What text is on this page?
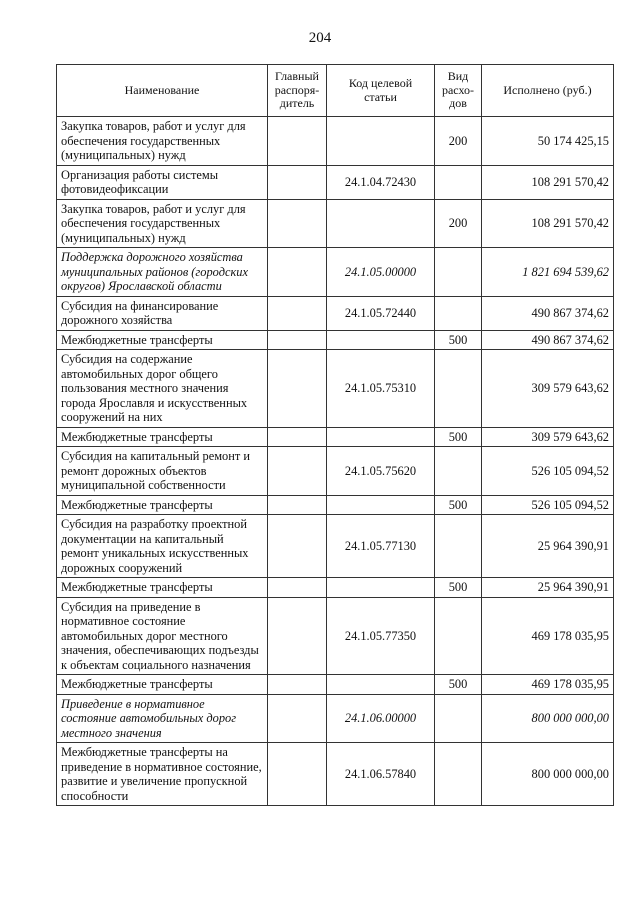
204
Наименование	Главный распоря-дитель	Код целевой статьи	Вид расхо-дов	Исполнено (руб.)
Закупка товаров, работ и услуг для обеспечения государственных (муниципальных) нужд			200	50 174 425,15
Организация работы системы фотовидеофиксации		24.1.04.72430		108 291 570,42
Закупка товаров, работ и услуг для обеспечения государственных (муниципальных) нужд			200	108 291 570,42
Поддержка дорожного хозяйства муниципальных районов (городских округов) Ярославской области		24.1.05.00000		1 821 694 539,62
Субсидия на финансирование дорожного хозяйства		24.1.05.72440		490 867 374,62
Межбюджетные трансферты			500	490 867 374,62
Субсидия на содержание автомобильных дорог общего пользования местного значения города Ярославля и искусственных сооружений на них		24.1.05.75310		309 579 643,62
Межбюджетные трансферты			500	309 579 643,62
Субсидия на капитальный ремонт и ремонт дорожных объектов муниципальной собственности		24.1.05.75620		526 105 094,52
Межбюджетные трансферты			500	526 105 094,52
Субсидия на разработку проектной документации на капитальный ремонт уникальных искусственных дорожных сооружений		24.1.05.77130		25 964 390,91
Межбюджетные трансферты			500	25 964 390,91
Субсидия на приведение в нормативное состояние автомобильных дорог местного значения, обеспечивающих подъезды к объектам социального назначения		24.1.05.77350		469 178 035,95
Межбюджетные трансферты			500	469 178 035,95
Приведение в нормативное состояние автомобильных дорог местного значения		24.1.06.00000		800 000 000,00
Межбюджетные трансферты на приведение в нормативное состояние, развитие и увеличение пропускной способности		24.1.06.57840		800 000 000,00
